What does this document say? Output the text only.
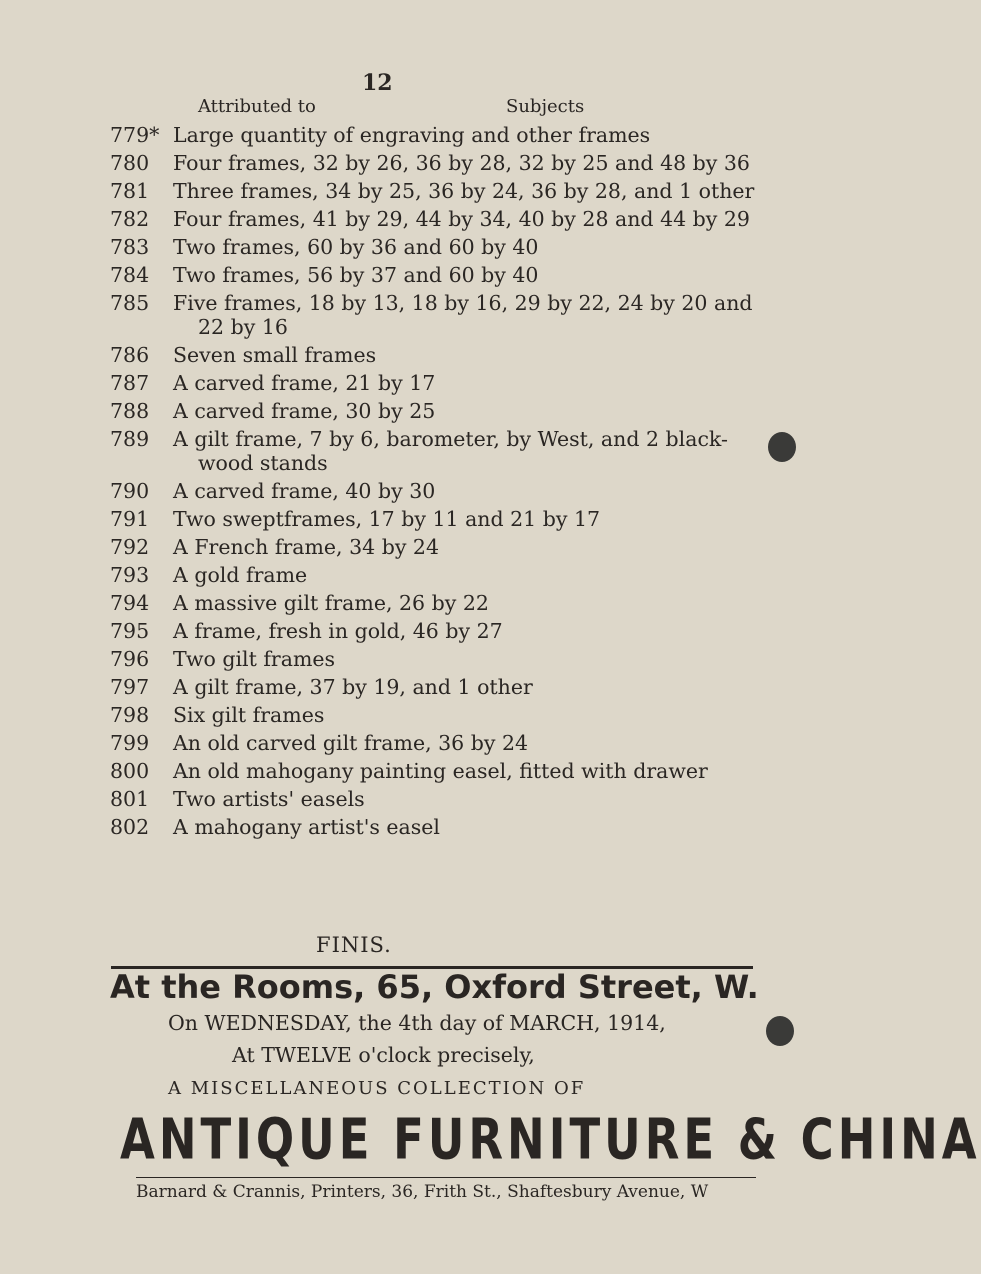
12
Attributed to	Subjects
779* Large quantity of engraving and other frames
780	Four frames, 32 by 26, 36 by 28, 32 by 25 and 48 by 36
781	Three frames, 34 by 25, 36 by 24, 36 by 28, and 1 other
782	Four frames, 41 by 29, 44 by 34, 40 by 28 and 44 by 29
783	Two frames, 60 by 36 and 60 by 40
784	Two frames, 56 by 37 and 60 by 40
785	Five frames, 18 by 13, 18 by 16, 29 by 22, 24 by 20 and
22 by 16
786	Seven small frames
787	A carved frame, 21 by 17
788	A carved frame, 30 by 25
789	A gilt frame, 7 by 6, barometer, by West, and 2 black-
wood stands
790	A carved frame, 40 by 30
791	Two sweptframes, 17 by 11 and 21 by 17
792	A French frame, 34 by 24
793	A gold frame
794	A massive gilt frame, 26 by 22
795	A frame, fresh in gold, 46 by 27
796	Two gilt frames
797	A gilt frame, 37 by 19, and 1 other
798	Six gilt frames
799	An old carved gilt frame, 36 by 24
800	An old mahogany painting easel, fitted with drawer
801	Two artists' easels
802	A mahogany artist's easel
FINIS.
At the Rooms, 65, Oxford Street, W.
On WEDNESDAY, the 4th day of MARCH, 1914,
At TWELVE o'clock precisely,
A MISCELLANEOUS COLLECTION OF
ANTIQUE FURNITURE & CHINA
Barnard & Crannis, Printers, 36, Frith St., Shaftesbury Avenue, W
